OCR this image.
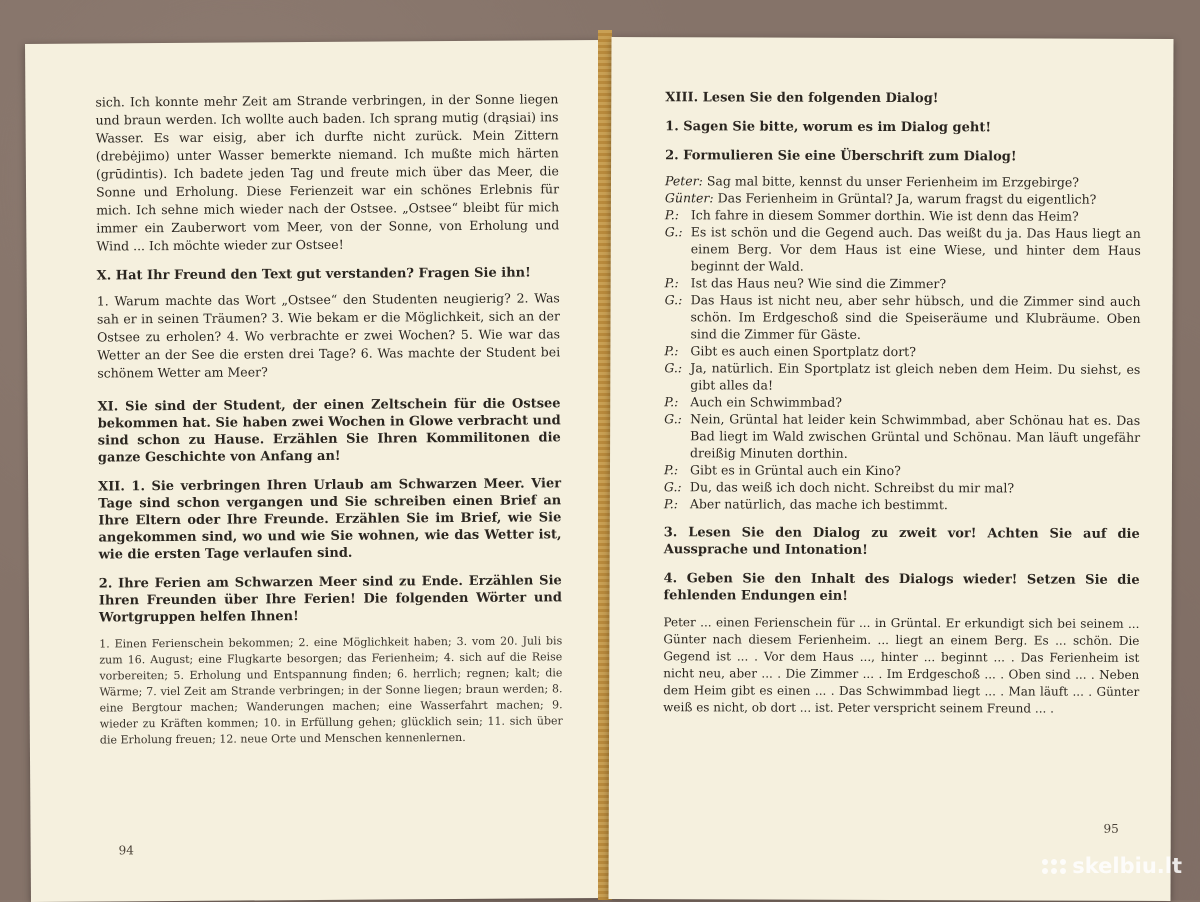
sich. Ich konnte mehr Zeit am Strande verbringen, in der Sonne liegen und braun werden. Ich wollte auch baden. Ich sprang mutig (drąsiai) ins Wasser. Es war eisig, aber ich durfte nicht zurück. Mein Zittern (drebėjimo) unter Wasser bemerkte niemand. Ich mußte mich härten (grūdintis). Ich badete jeden Tag und freute mich über das Meer, die Sonne und Erholung. Diese Ferienzeit war ein schönes Erlebnis für mich. Ich sehne mich wieder nach der Ostsee. „Ostsee“ bleibt für mich immer ein Zauberwort vom Meer, von der Sonne, von Erholung und Wind ... Ich möchte wieder zur Ostsee!

X. Hat Ihr Freund den Text gut verstanden? Fragen Sie ihn!

1. Warum machte das Wort „Ostsee“ den Studenten neugierig? 2. Was sah er in seinen Träumen? 3. Wie bekam er die Möglichkeit, sich an der Ostsee zu erholen? 4. Wo verbrachte er zwei Wochen? 5. Wie war das Wetter an der See die ersten drei Tage? 6. Was machte der Student bei schönem Wetter am Meer?

XI. Sie sind der Student, der einen Zeltschein für die Ostsee bekommen hat. Sie haben zwei Wochen in Glowe verbracht und sind schon zu Hause. Erzählen Sie Ihren Kommilitonen die ganze Geschichte von Anfang an!

XII. 1. Sie verbringen Ihren Urlaub am Schwarzen Meer. Vier Tage sind schon vergangen und Sie schreiben einen Brief an Ihre Eltern oder Ihre Freunde. Erzählen Sie im Brief, wie Sie angekommen sind, wo und wie Sie wohnen, wie das Wetter ist, wie die ersten Tage verlaufen sind.

2. Ihre Ferien am Schwarzen Meer sind zu Ende. Erzählen Sie Ihren Freunden über Ihre Ferien! Die folgenden Wörter und Wortgruppen helfen Ihnen!

1. Einen Ferienschein bekommen; 2. eine Möglichkeit haben; 3. vom 20. Juli bis zum 16. August; eine Flugkarte besorgen; das Ferienheim; 4. sich auf die Reise vorbereiten; 5. Erholung und Entspannung finden; 6. herrlich; regnen; kalt; die Wärme; 7. viel Zeit am Strande verbringen; in der Sonne liegen; braun werden; 8. eine Bergtour machen; Wanderungen machen; eine Wasserfahrt machen; 9. wieder zu Kräften kommen; 10. in Erfüllung gehen; glücklich sein; 11. sich über die Erholung freuen; 12. neue Orte und Menschen kennenlernen.

94

XIII. Lesen Sie den folgenden Dialog!

1. Sagen Sie bitte, worum es im Dialog geht!

2. Formulieren Sie eine Überschrift zum Dialog!

Peter: Sag mal bitte, kennst du unser Ferienheim im Erzgebirge?
Günter: Das Ferienheim in Grüntal? Ja, warum fragst du eigentlich?
P.: Ich fahre in diesem Sommer dorthin. Wie ist denn das Heim?
G.: Es ist schön und die Gegend auch. Das weißt du ja. Das Haus liegt an einem Berg. Vor dem Haus ist eine Wiese, und hinter dem Haus beginnt der Wald.
P.: Ist das Haus neu? Wie sind die Zimmer?
G.: Das Haus ist nicht neu, aber sehr hübsch, und die Zimmer sind auch schön. Im Erdgeschoß sind die Speiseräume und Klubräume. Oben sind die Zimmer für Gäste.
P.: Gibt es auch einen Sportplatz dort?
G.: Ja, natürlich. Ein Sportplatz ist gleich neben dem Heim. Du siehst, es gibt alles da!
P.: Auch ein Schwimmbad?
G.: Nein, Grüntal hat leider kein Schwimmbad, aber Schönau hat es. Das Bad liegt im Wald zwischen Grüntal und Schönau. Man läuft ungefähr dreißig Minuten dorthin.
P.: Gibt es in Grüntal auch ein Kino?
G.: Du, das weiß ich doch nicht. Schreibst du mir mal?
P.: Aber natürlich, das mache ich bestimmt.

3. Lesen Sie den Dialog zu zweit vor! Achten Sie auf die Aussprache und Intonation!

4. Geben Sie den Inhalt des Dialogs wieder! Setzen Sie die fehlenden Endungen ein!

Peter ... einen Ferienschein für ... in Grüntal. Er erkundigt sich bei seinem ... Günter nach diesem Ferienheim. ... liegt an einem Berg. Es ... schön. Die Gegend ist ... . Vor dem Haus ..., hinter ... beginnt ... . Das Ferienheim ist nicht neu, aber ... . Die Zimmer ... . Im Erdgeschoß ... . Oben sind ... . Neben dem Heim gibt es einen ... . Das Schwimmbad liegt ... . Man läuft ... . Günter weiß es nicht, ob dort ... ist. Peter verspricht seinem Freund ... .

95
skelbiu.lt
